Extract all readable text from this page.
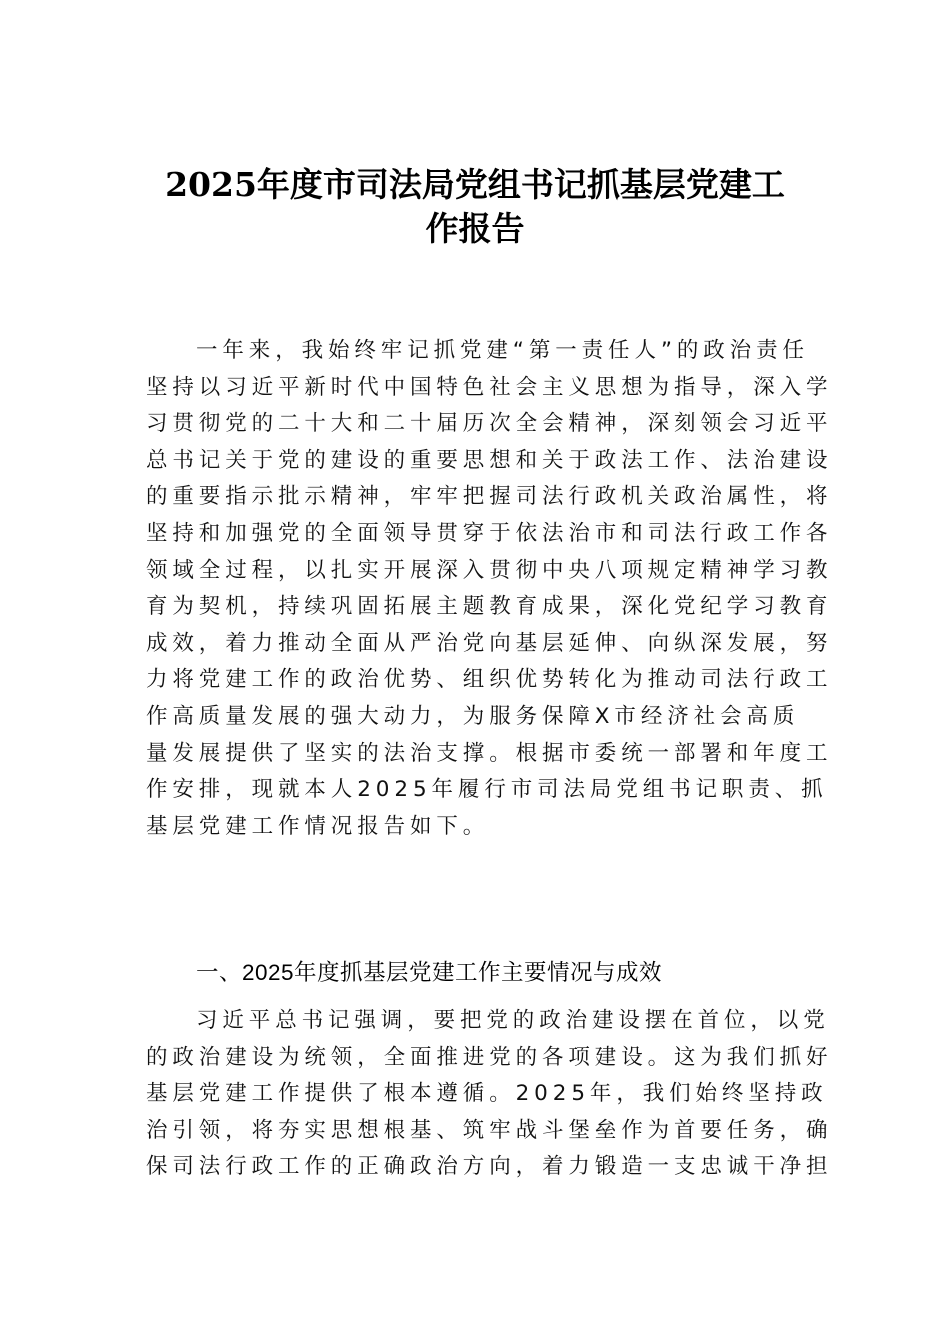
2025年度市司法局党组书记抓基层党建工
作报告
一年来，我始终牢记抓党建“第一责任人”的政治责任
坚持以习近平新时代中国特色社会主义思想为指导，深入学
习贯彻党的二十大和二十届历次全会精神，深刻领会习近平
总书记关于党的建设的重要思想和关于政法工作、法治建设
的重要指示批示精神，牢牢把握司法行政机关政治属性，将
坚持和加强党的全面领导贯穿于依法治市和司法行政工作各
领域全过程，以扎实开展深入贯彻中央八项规定精神学习教
育为契机，持续巩固拓展主题教育成果，深化党纪学习教育
成效，着力推动全面从严治党向基层延伸、向纵深发展，努
力将党建工作的政治优势、组织优势转化为推动司法行政工
作高质量发展的强大动力，为服务保障X市经济社会高质
量发展提供了坚实的法治支撑。根据市委统一部署和年度工
作安排，现就本人2025年履行市司法局党组书记职责、抓
基层党建工作情况报告如下。
一、2025年度抓基层党建工作主要情况与成效
习近平总书记强调，要把党的政治建设摆在首位，以党
的政治建设为统领，全面推进党的各项建设。这为我们抓好
基层党建工作提供了根本遵循。2025年，我们始终坚持政
治引领，将夯实思想根基、筑牢战斗堡垒作为首要任务，确
保司法行政工作的正确政治方向，着力锻造一支忠诚干净担
